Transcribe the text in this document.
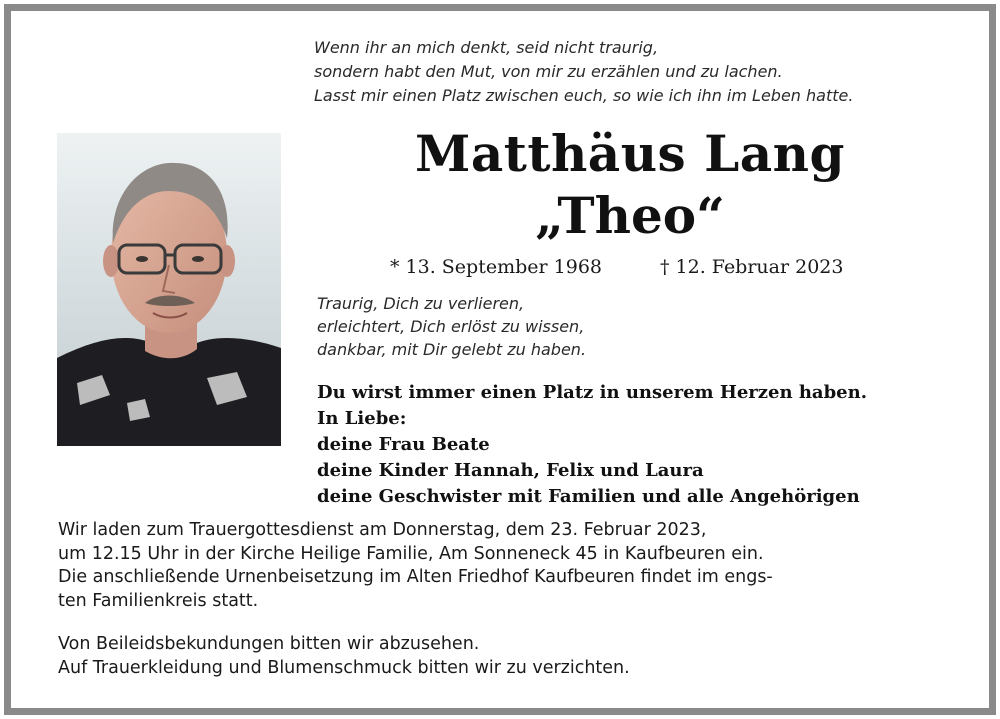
Wenn ihr an mich denkt, seid nicht traurig,
sondern habt den Mut, von mir zu erzählen und zu lachen.
Lasst mir einen Platz zwischen euch, so wie ich ihn im Leben hatte.
Matthäus Lang
„Theo“
* 13. September 1968	† 12. Februar 2023
Traurig, Dich zu verlieren,
erleichtert, Dich erlöst zu wissen,
dankbar, mit Dir gelebt zu haben.
Du wirst immer einen Platz in unserem Herzen haben.
In Liebe:
deine Frau Beate
deine Kinder Hannah, Felix und Laura
deine Geschwister mit Familien und alle Angehörigen
Wir laden zum Trauergottesdienst am Donnerstag, dem 23. Februar 2023,
um 12.15 Uhr in der Kirche Heilige Familie, Am Sonneneck 45 in Kaufbeuren ein.
Die anschließende Urnenbeisetzung im Alten Friedhof Kaufbeuren findet im engs-
ten Familienkreis statt.
Von Beileidsbekundungen bitten wir abzusehen.
Auf Trauerkleidung und Blumenschmuck bitten wir zu verzichten.
